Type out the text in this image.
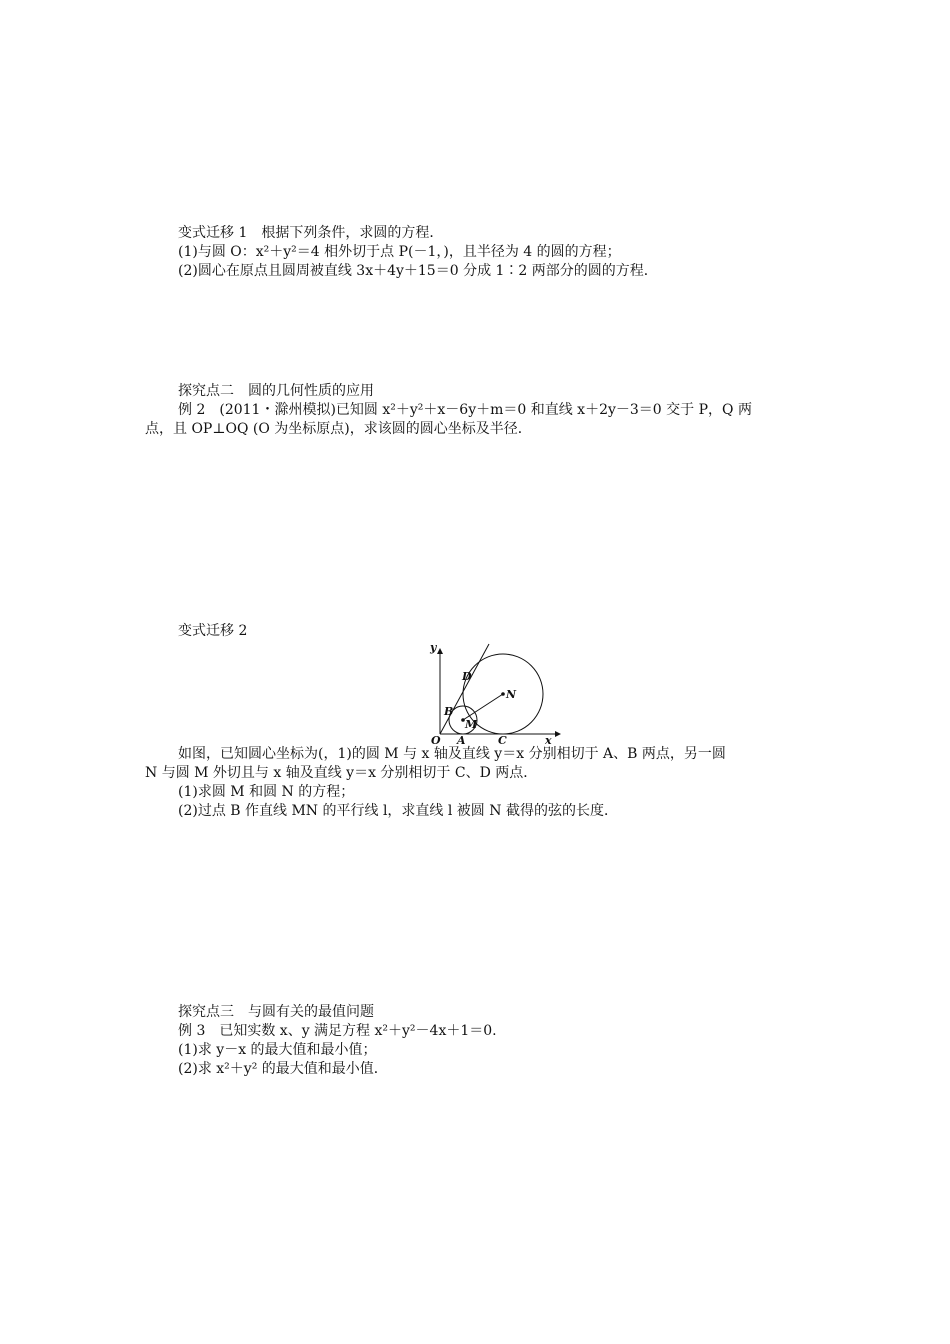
变式迁移 1　根据下列条件，求圆的方程．
(1)与圆 O：x²＋y²＝4 相外切于点 P(－1，)，且半径为 4 的圆的方程；
(2)圆心在原点且圆周被直线 3x＋4y＋15＝0 分成 1∶2 两部分的圆的方程．
探究点二　圆的几何性质的应用
例 2　(2011・滁州模拟)已知圆 x²＋y²＋x－6y＋m＝0 和直线 x＋2y－3＝0 交于 P，Q 两
点，且 OP⊥OQ (O 为坐标原点)，求该圆的圆心坐标及半径．
变式迁移 2
y
x
O A	C
B
M
D
N
如图，已知圆心坐标为(，1)的圆 M 与 x 轴及直线 y＝x 分别相切于 A、B 两点，另一圆
N 与圆 M 外切且与 x 轴及直线 y＝x 分别相切于 C、D 两点．
(1)求圆 M 和圆 N 的方程；
(2)过点 B 作直线 MN 的平行线 l，求直线 l 被圆 N 截得的弦的长度．
探究点三　与圆有关的最值问题
例 3　已知实数 x、y 满足方程 x²＋y²－4x＋1＝0.
(1)求 y－x 的最大值和最小值；
(2)求 x²＋y² 的最大值和最小值．
